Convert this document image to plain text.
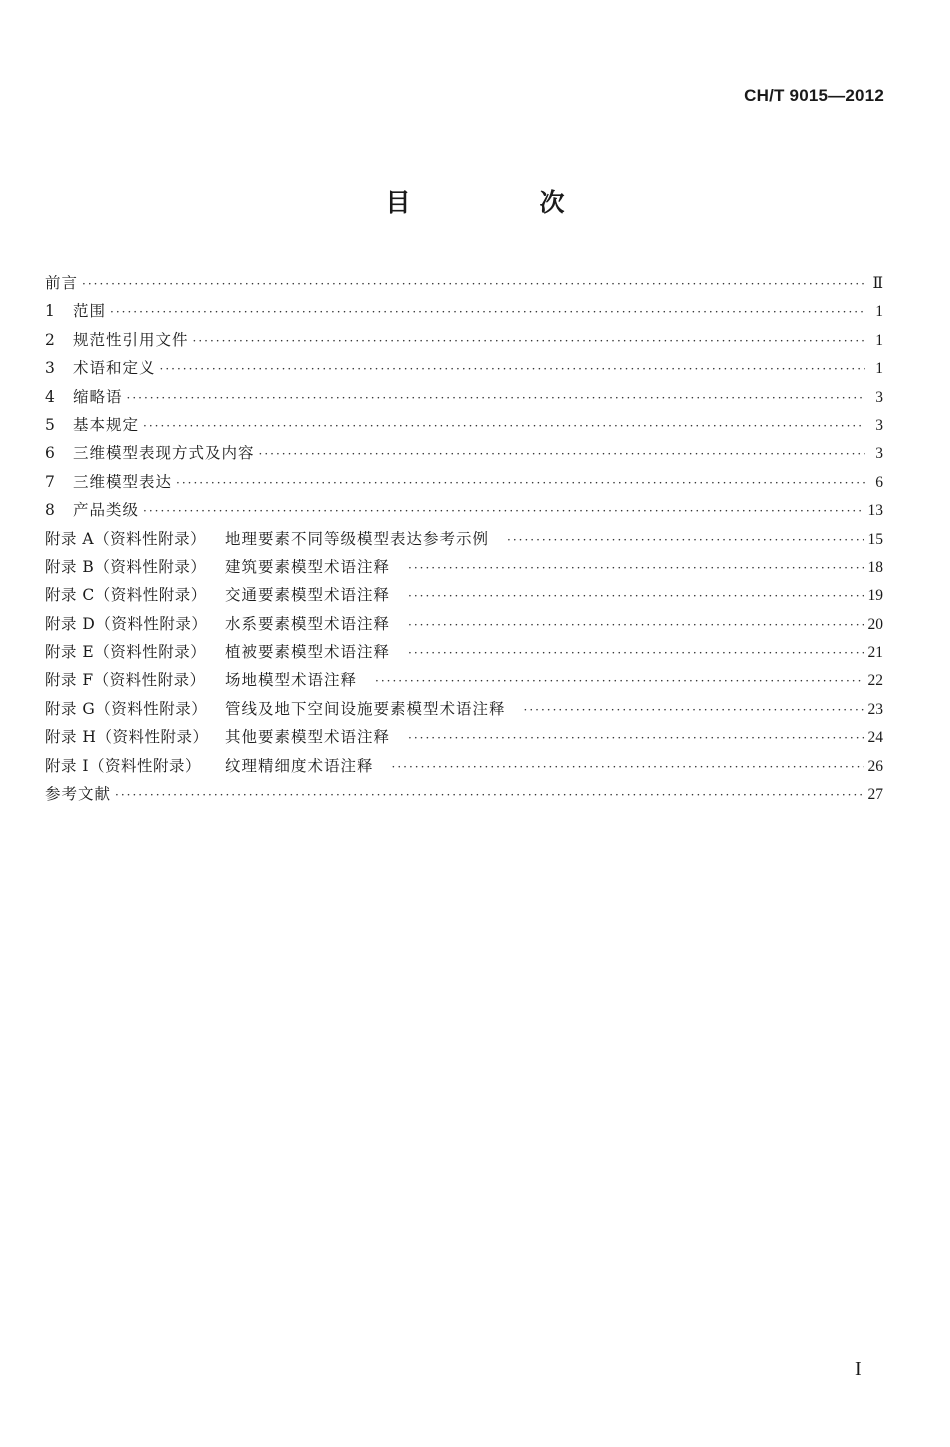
CH/T 9015—2012
目　次
前言 ·····	Ⅱ
1	范围 ·····	1
2	规范性引用文件 ·····	1
3	术语和定义 ·····	1
4	缩略语 ·····	3
5	基本规定 ·····	3
6	三维模型表现方式及内容 ·····	3
7	三维模型表达 ·····	6
8	产品类级 ·····	13
附录 A（资料性附录）	地理要素不同等级模型表达参考示例 ·····	15
附录 B（资料性附录）	建筑要素模型术语注释 ·····	18
附录 C（资料性附录）	交通要素模型术语注释 ·····	19
附录 D（资料性附录）	水系要素模型术语注释 ·····	20
附录 E（资料性附录）	植被要素模型术语注释 ·····	21
附录 F（资料性附录）	场地模型术语注释 ·····	22
附录 G（资料性附录）	管线及地下空间设施要素模型术语注释 ·····	23
附录 H（资料性附录）	其他要素模型术语注释 ·····	24
附录 I（资料性附录）	纹理精细度术语注释 ·····	26
参考文献 ·····	27
I
